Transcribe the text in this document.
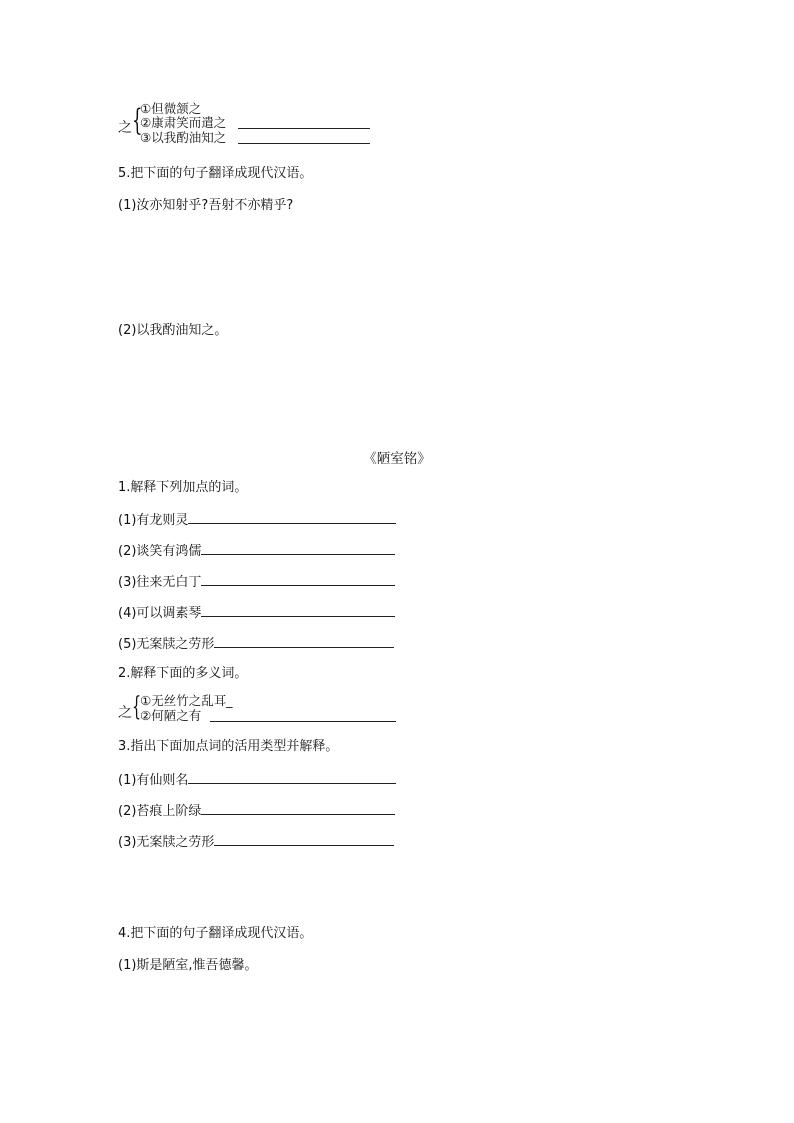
之 {
①但微颔之
②康肃笑而遣之
③以我酌油知之
5.把下面的句子翻译成现代汉语。
(1)汝亦知射乎?吾射不亦精乎?
(2)以我酌油知之。
《陋室铭》
1.解释下列加点的词。
(1)有龙则灵
(2)谈笑有鸿儒
(3)往来无白丁
(4)可以调素琴
(5)无案牍之劳形
2.解释下面的多义词。
之 {
①无丝竹之乱耳_
②何陋之有
3.指出下面加点词的活用类型并解释。
(1)有仙则名
(2)苔痕上阶绿
(3)无案牍之劳形
4.把下面的句子翻译成现代汉语。
(1)斯是陋室,惟吾德馨。
